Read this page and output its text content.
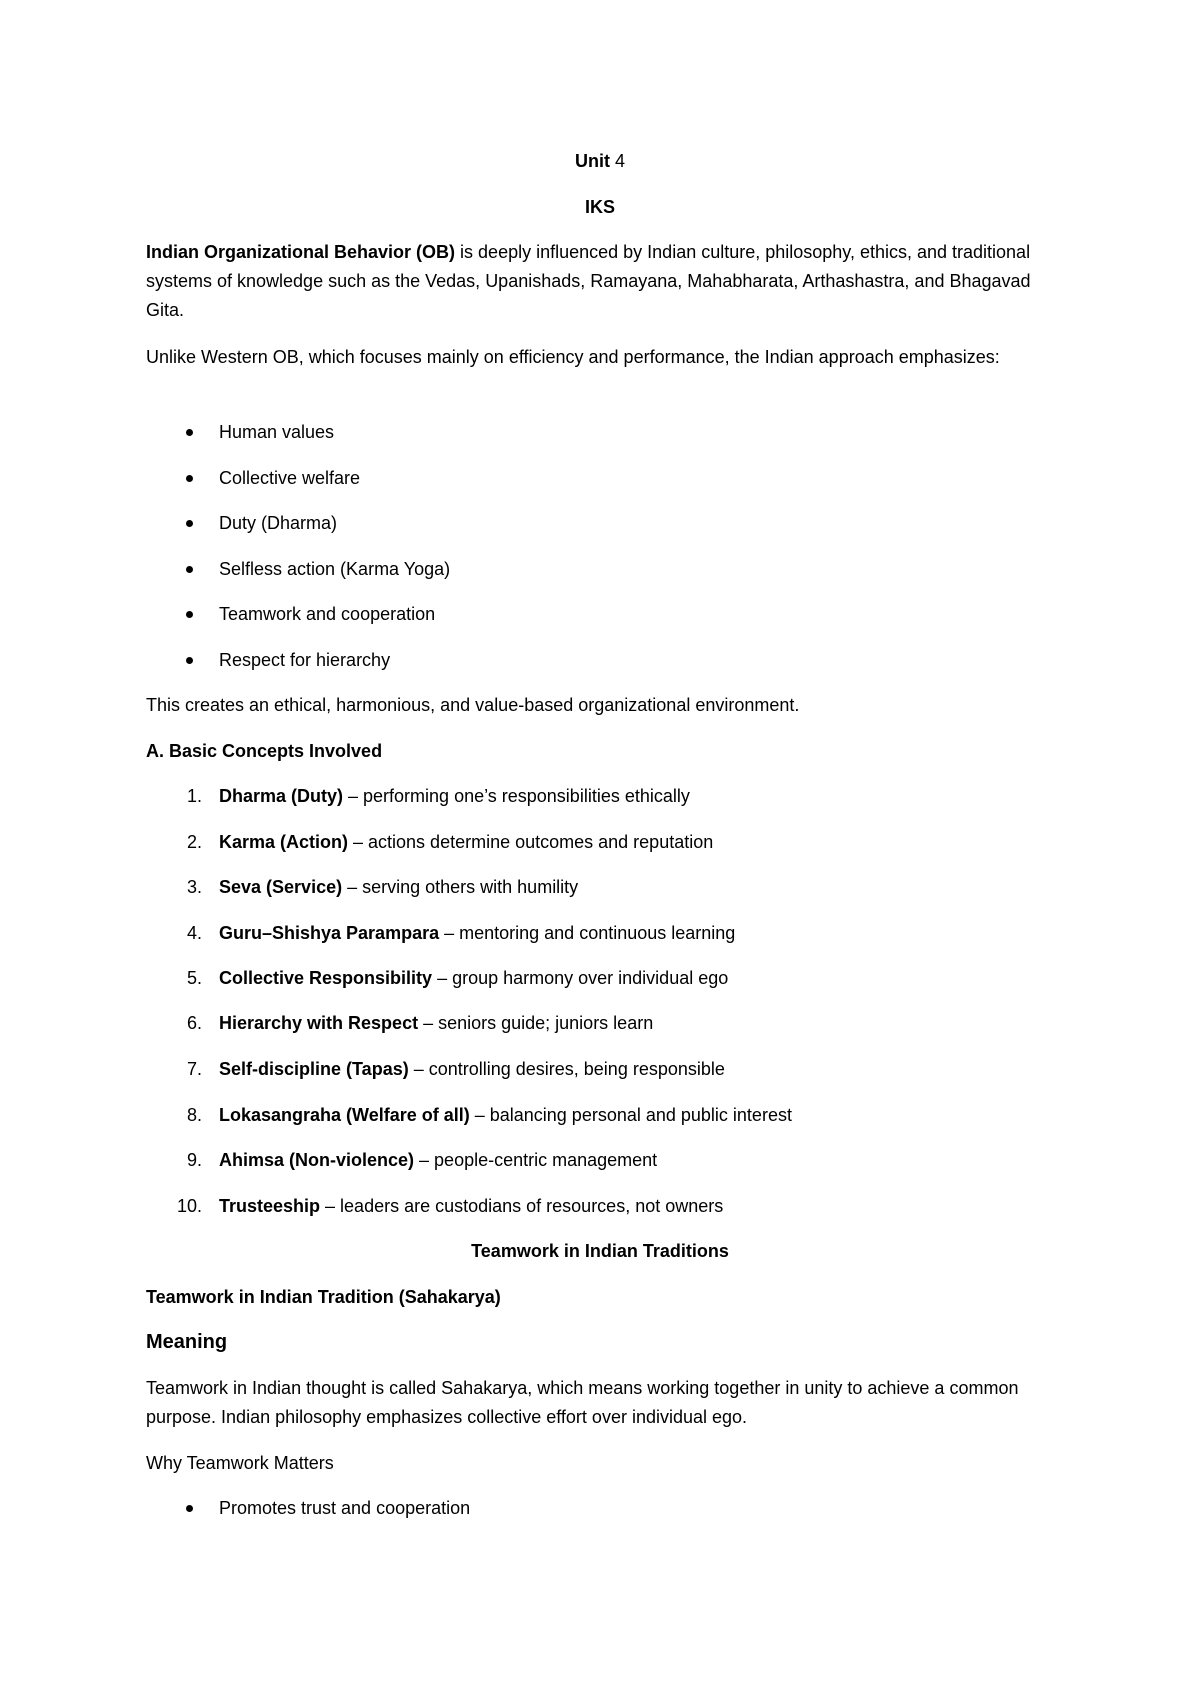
Unit 4
IKS

Indian Organizational Behavior (OB) is deeply influenced by Indian culture, philosophy, ethics, and traditional systems of knowledge such as the Vedas, Upanishads, Ramayana, Mahabharata, Arthashastra, and Bhagavad Gita.

Unlike Western OB, which focuses mainly on efficiency and performance, the Indian approach emphasizes:

Human values
Collective welfare
Duty (Dharma)
Selfless action (Karma Yoga)
Teamwork and cooperation
Respect for hierarchy

This creates an ethical, harmonious, and value-based organizational environment.

A. Basic Concepts Involved

1. Dharma (Duty) – performing one’s responsibilities ethically
2. Karma (Action) – actions determine outcomes and reputation
3. Seva (Service) – serving others with humility
4. Guru–Shishya Parampara – mentoring and continuous learning
5. Collective Responsibility – group harmony over individual ego
6. Hierarchy with Respect – seniors guide; juniors learn
7. Self-discipline (Tapas) – controlling desires, being responsible
8. Lokasangraha (Welfare of all) – balancing personal and public interest
9. Ahimsa (Non-violence) – people-centric management
10. Trusteeship – leaders are custodians of resources, not owners
Teamwork in Indian Traditions

Teamwork in Indian Tradition (Sahakarya)

Meaning

Teamwork in Indian thought is called Sahakarya, which means working together in unity to achieve a common purpose. Indian philosophy emphasizes collective effort over individual ego.

Why Teamwork Matters

Promotes trust and cooperation
